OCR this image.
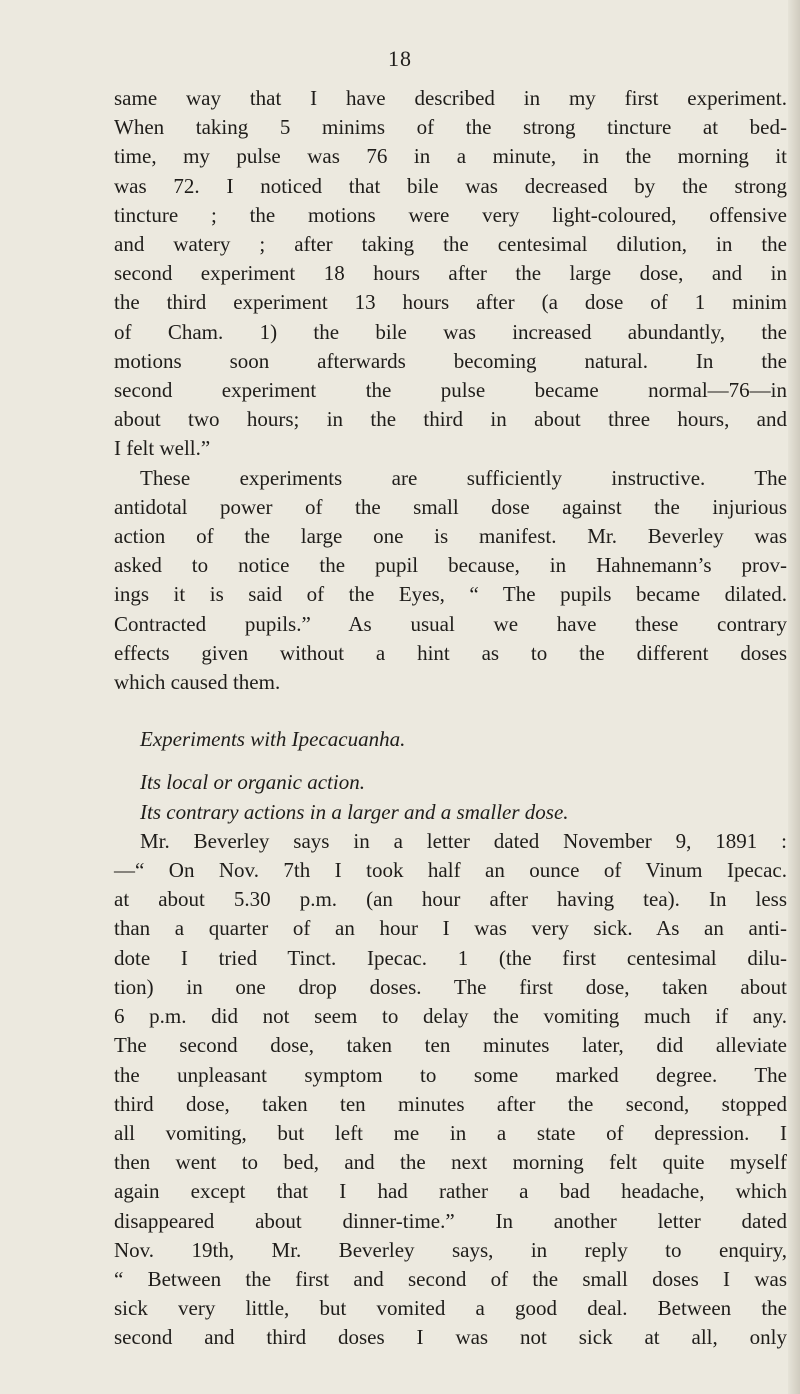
18
same way that I have described in my first experiment.
When taking 5 minims of the strong tincture at bed-
time, my pulse was 76 in a minute, in the morning it
was 72. I noticed that bile was decreased by the strong
tincture ; the motions were very light-coloured, offensive
and watery ; after taking the centesimal dilution, in the
second experiment 18 hours after the large dose, and in
the third experiment 13 hours after (a dose of 1 minim
of Cham. 1) the bile was increased abundantly, the
motions soon afterwards becoming natural. In the
second experiment the pulse became normal—76—in
about two hours; in the third in about three hours, and
I felt well.”
These experiments are sufficiently instructive. The
antidotal power of the small dose against the injurious
action of the large one is manifest. Mr. Beverley was
asked to notice the pupil because, in Hahnemann’s prov-
ings it is said of the Eyes, “ The pupils became dilated.
Contracted pupils.” As usual we have these contrary
effects given without a hint as to the different doses
which caused them.
Experiments with Ipecacuanha.
Its local or organic action.
Its contrary actions in a larger and a smaller dose.
Mr. Beverley says in a letter dated November 9, 1891 :
—“ On Nov. 7th I took half an ounce of Vinum Ipecac.
at about 5.30 p.m. (an hour after having tea). In less
than a quarter of an hour I was very sick. As an anti-
dote I tried Tinct. Ipecac. 1 (the first centesimal dilu-
tion) in one drop doses. The first dose, taken about
6 p.m. did not seem to delay the vomiting much if any.
The second dose, taken ten minutes later, did alleviate
the unpleasant symptom to some marked degree. The
third dose, taken ten minutes after the second, stopped
all vomiting, but left me in a state of depression. I
then went to bed, and the next morning felt quite myself
again except that I had rather a bad headache, which
disappeared about dinner-time.” In another letter dated
Nov. 19th, Mr. Beverley says, in reply to enquiry,
“ Between the first and second of the small doses I was
sick very little, but vomited a good deal. Between the
second and third doses I was not sick at all, only
